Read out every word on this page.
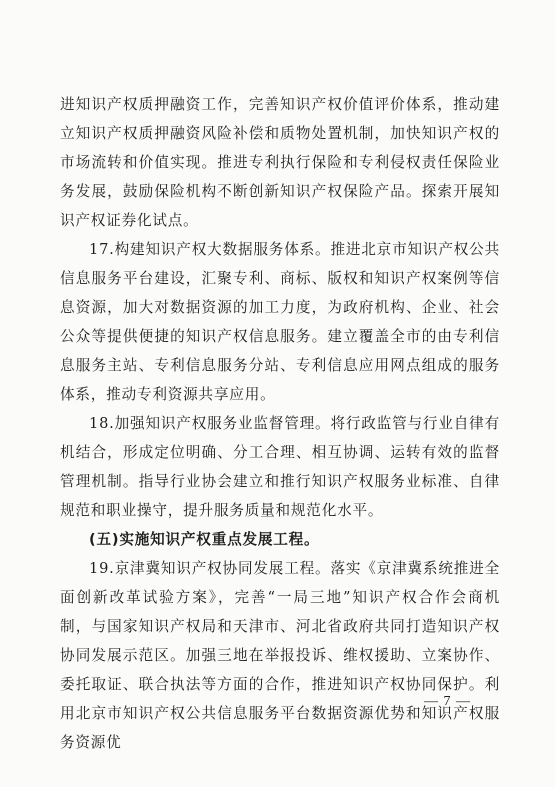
进知识产权质押融资工作，完善知识产权价值评价体系，推动建立知识产权质押融资风险补偿和质物处置机制，加快知识产权的市场流转和价值实现。推进专利执行保险和专利侵权责任保险业务发展，鼓励保险机构不断创新知识产权保险产品。探索开展知识产权证券化试点。

17.构建知识产权大数据服务体系。推进北京市知识产权公共信息服务平台建设，汇聚专利、商标、版权和知识产权案例等信息资源，加大对数据资源的加工力度，为政府机构、企业、社会公众等提供便捷的知识产权信息服务。建立覆盖全市的由专利信息服务主站、专利信息服务分站、专利信息应用网点组成的服务体系，推动专利资源共享应用。

18.加强知识产权服务业监督管理。将行政监管与行业自律有机结合，形成定位明确、分工合理、相互协调、运转有效的监督管理机制。指导行业协会建立和推行知识产权服务业标准、自律规范和职业操守，提升服务质量和规范化水平。

(五)实施知识产权重点发展工程。

19.京津冀知识产权协同发展工程。落实《京津冀系统推进全面创新改革试验方案》，完善“一局三地”知识产权合作会商机制，与国家知识产权局和天津市、河北省政府共同打造知识产权协同发展示范区。加强三地在举报投诉、维权援助、立案协作、委托取证、联合执法等方面的合作，推进知识产权协同保护。利用北京市知识产权公共信息服务平台数据资源优势和知识产权服务资源优

— 7 —
